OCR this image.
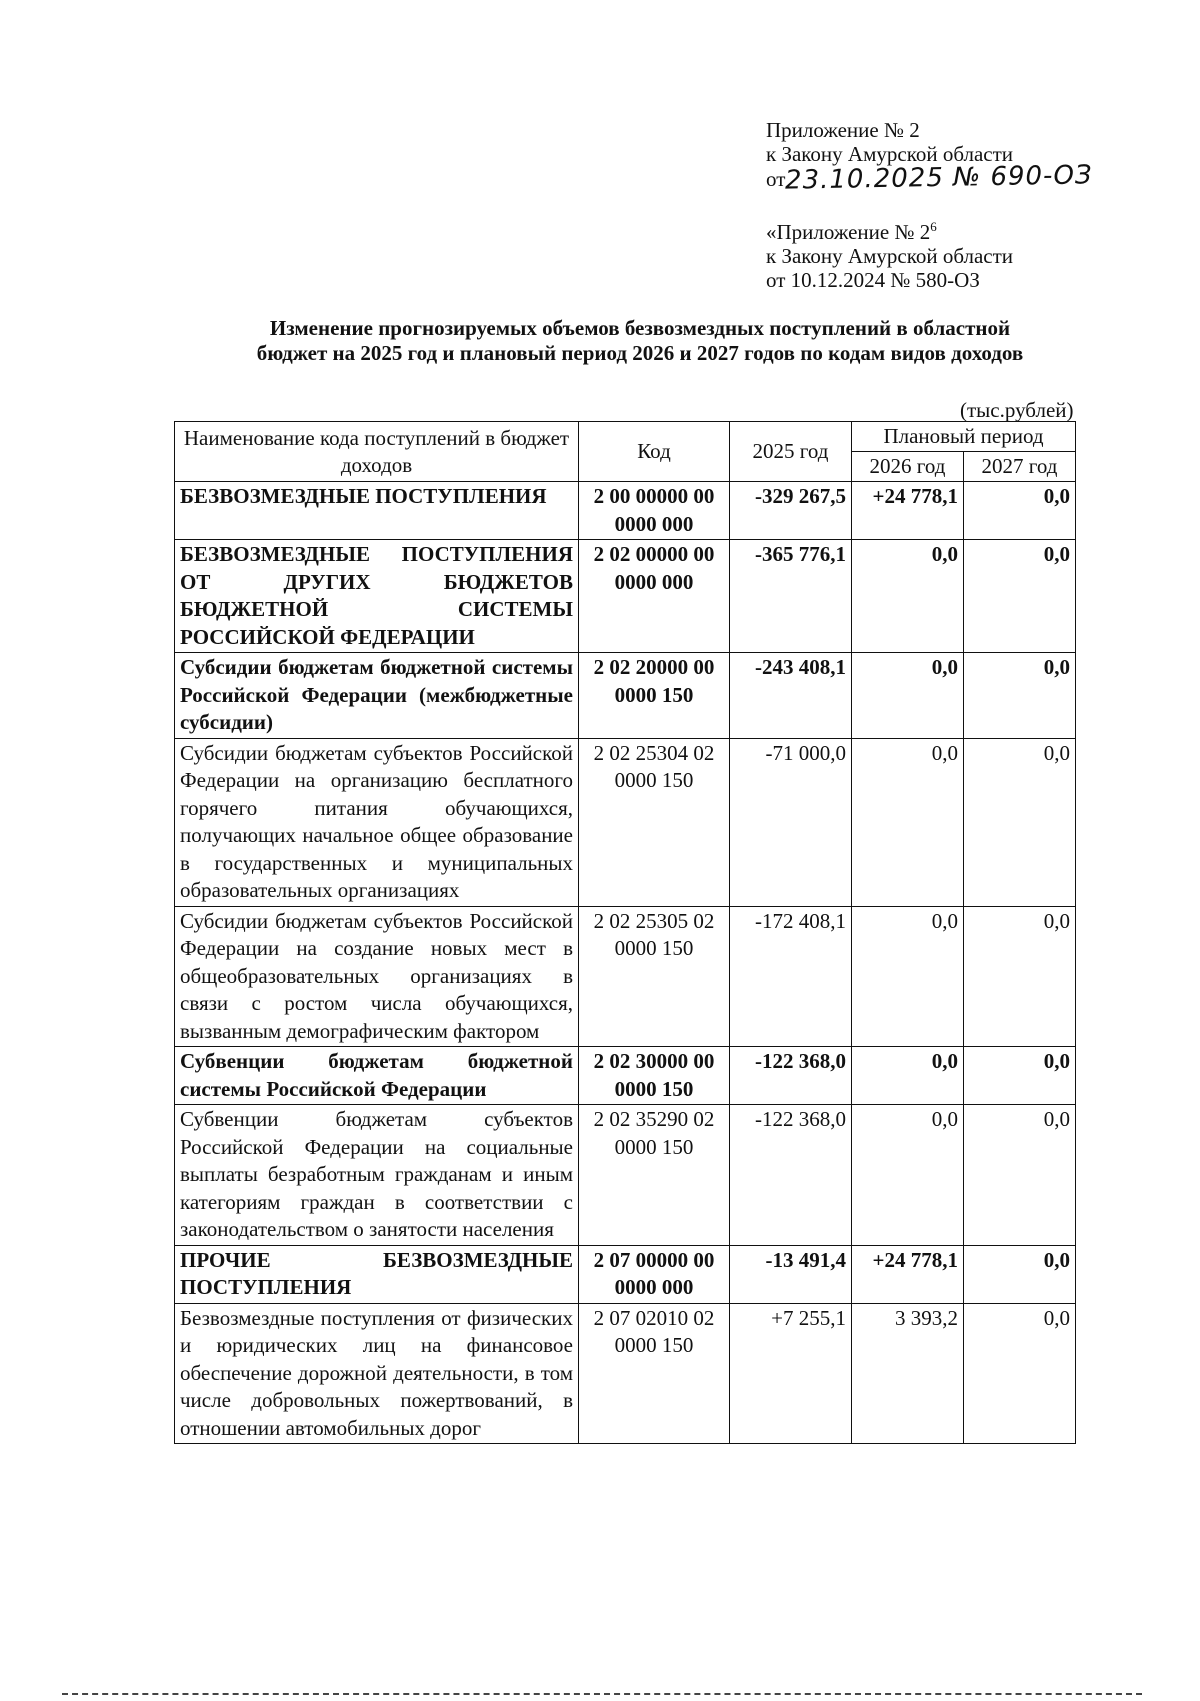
Приложение № 2
к Закону Амурской области
от23.10.2025 № 690-ОЗ
«Приложение № $2^6$
к Закону Амурской области
от 10.12.2024 № 580-ОЗ
Изменение прогнозируемых объемов безвозмездных поступлений в областной
бюджет на 2025 год и плановый период 2026 и 2027 годов по кодам видов доходов
(тыс.рублей)
Наименование кода поступлений в бюджет доходов	Код	2025 год	Плановый период	
			2026 год	2027 год
БЕЗВОЗМЕЗДНЫЕ ПОСТУПЛЕНИЯ	2 00 00000 00 0000 000	-329 267,5	+24 778,1	0,0
БЕЗВОЗМЕЗДНЫЕ ПОСТУПЛЕНИЯ ОТ ДРУГИХ БЮДЖЕТОВ БЮДЖЕТНОЙ СИСТЕМЫ РОССИЙСКОЙ ФЕДЕРАЦИИ	2 02 00000 00 0000 000	-365 776,1	0,0	0,0
Субсидии бюджетам бюджетной системы Российской Федерации (межбюджетные субсидии)	2 02 20000 00 0000 150	-243 408,1	0,0	0,0
Субсидии бюджетам субъектов Российской Федерации на организацию бесплатного горячего питания обучающихся, получающих начальное общее образование в государственных и муниципальных образовательных организациях	2 02 25304 02 0000 150	-71 000,0	0,0	0,0
Субсидии бюджетам субъектов Российской Федерации на создание новых мест в общеобразовательных организациях в связи с ростом числа обучающихся, вызванным демографическим фактором	2 02 25305 02 0000 150	-172 408,1	0,0	0,0
Субвенции бюджетам бюджетной системы Российской Федерации	2 02 30000 00 0000 150	-122 368,0	0,0	0,0
Субвенции бюджетам субъектов Российской Федерации на социальные выплаты безработным гражданам и иным категориям граждан в соответствии с законодательством о занятости населения	2 02 35290 02 0000 150	-122 368,0	0,0	0,0
ПРОЧИЕ БЕЗВОЗМЕЗДНЫЕ ПОСТУПЛЕНИЯ	2 07 00000 00 0000 000	-13 491,4	+24 778,1	0,0
Безвозмездные поступления от физических и юридических лиц на финансовое обеспечение дорожной деятельности, в том числе добровольных пожертвований, в отношении автомобильных дорог	2 07 02010 02 0000 150	+7 255,1	3 393,2	0,0
